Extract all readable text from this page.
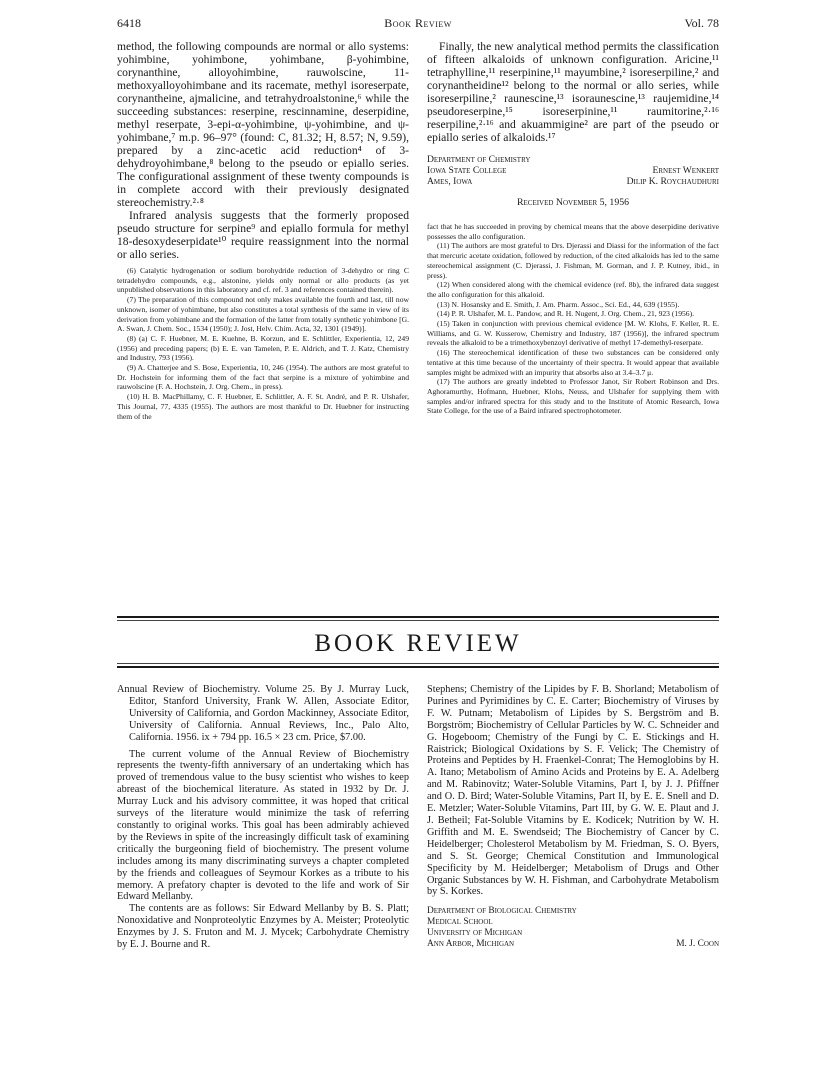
6418	Book Review	Vol. 78

method, the following compounds are normal or allo systems: yohimbine, yohimbone, yohimbane, β-yohimbine, corynanthine, alloyohimbine, rauwolscine, 11-methoxyalloyohimbane and its racemate, methyl isoreserpate, corynantheine, ajmalicine, and tetrahydroalstonine,⁶ while the succeeding substances: reserpine, rescinnamine, deserpidine, methyl reserpate, 3-epi-α-yohimbine, ψ-yohimbine, and ψ-yohimbane,⁷ m.p. 96–97° (found: C, 81.32; H, 8.57; N, 9.59), prepared by a zinc-acetic acid reduction⁴ of 3-dehydroyohimbane,⁸ belong to the pseudo or epiallo series. The configurational assignment of these twenty compounds is in complete accord with their previously designated stereochemistry.²·⁸

Infrared analysis suggests that the formerly proposed pseudo structure for serpine⁹ and epiallo formula for methyl 18-desoxydeserpidate¹⁰ require reassignment into the normal or allo series.

(6) Catalytic hydrogenation or sodium borohydride reduction of 3-dehydro or ring C tetradehydro compounds, e.g., alstonine, yields only normal or allo products (as yet unpublished observations in this laboratory and cf. ref. 3 and references contained therein).

(7) The preparation of this compound not only makes available the fourth and last, till now unknown, isomer of yohimbane, but also constitutes a total synthesis of the same in view of its derivation from yohimbane and the formation of the latter from totally synthetic yohimbone [G. A. Swan, J. Chem. Soc., 1534 (1950); J. Jost, Helv. Chim. Acta, 32, 1301 (1949)].

(8) (a) C. F. Huebner, M. E. Kuehne, B. Korzun, and E. Schlittler, Experientia, 12, 249 (1956) and preceding papers; (b) E. E. van Tamelen, P. E. Aldrich, and T. J. Katz, Chemistry and Industry, 793 (1956).

(9) A. Chatterjee and S. Bose, Experientia, 10, 246 (1954). The authors are most grateful to Dr. Hochstein for informing them of the fact that serpine is a mixture of yohimbine and rauwolscine (F. A. Hochstein, J. Org. Chem., in press).

(10) H. B. MacPhillamy, C. F. Huebner, E. Schlittler, A. F. St. André, and P. R. Ulshafer, This Journal, 77, 4335 (1955). The authors are most thankful to Dr. Huebner for instructing them of the

Finally, the new analytical method permits the classification of fifteen alkaloids of unknown configuration. Aricine,¹¹ tetraphylline,¹¹ reserpinine,¹¹ mayumbine,² isoreserpiline,² and corynantheidine¹² belong to the normal or allo series, while isoreserpiline,² raunescine,¹³ isoraunescine,¹³ raujemidine,¹⁴ pseudoreserpine,¹⁵ isoreserpinine,¹¹ raumitorine,²·¹⁶ reserpiline,²·¹⁶ and akuammigine² are part of the pseudo or epiallo series of alkaloids.¹⁷

Department of Chemistry
Iowa State College	Ernest Wenkert
Ames, Iowa	Dilip K. Roychaudhuri
Received November 5, 1956

fact that he has succeeded in proving by chemical means that the above deserpidine derivative possesses the allo configuration.

(11) The authors are most grateful to Drs. Djerassi and Diassi for the information of the fact that mercuric acetate oxidation, followed by reduction, of the cited alkaloids has led to the same stereochemical assignment (C. Djerassi, J. Fishman, M. Gorman, and J. P. Kutney, ibid., in press).

(12) When considered along with the chemical evidence (ref. 8b), the infrared data suggest the allo configuration for this alkaloid.

(13) N. Hosansky and E. Smith, J. Am. Pharm. Assoc., Sci. Ed., 44, 639 (1955).

(14) P. R. Ulshafer, M. L. Pandow, and R. H. Nugent, J. Org. Chem., 21, 923 (1956).

(15) Taken in conjunction with previous chemical evidence [M. W. Klohs, F. Keller, R. E. Williams, and G. W. Kusserow, Chemistry and Industry, 187 (1956)], the infrared spectrum reveals the alkaloid to be a trimethoxybenzoyl derivative of methyl 17-demethyl-reserpate.

(16) The stereochemical identification of these two substances can be considered only tentative at this time because of the uncertainty of their spectra. It would appear that available samples might be admixed with an impurity that absorbs also at 3.4–3.7 μ.

(17) The authors are greatly indebted to Professor Janot, Sir Robert Robinson and Drs. Aghoramurthy, Hofmann, Huebner, Klohs, Neuss, and Ulshafer for supplying them with samples and/or infrared spectra for this study and to the Institute of Atomic Research, Iowa State College, for the use of a Baird infrared spectrophotometer.

BOOK REVIEW

Annual Review of Biochemistry. Volume 25. By J. Murray Luck, Editor, Stanford University, Frank W. Allen, Associate Editor, University of California, and Gordon Mackinney, Associate Editor, University of California. Annual Reviews, Inc., Palo Alto, California. 1956. ix + 794 pp. 16.5 × 23 cm. Price, $7.00.

The current volume of the Annual Review of Biochemistry represents the twenty-fifth anniversary of an undertaking which has proved of tremendous value to the busy scientist who wishes to keep abreast of the biochemical literature. As stated in 1932 by Dr. J. Murray Luck and his advisory committee, it was hoped that critical surveys of the literature would minimize the task of referring constantly to original works. This goal has been admirably achieved by the Reviews in spite of the increasingly difficult task of examining critically the burgeoning field of biochemistry. The present volume includes among its many discriminating surveys a chapter completed by the friends and colleagues of Seymour Korkes as a tribute to his memory. A prefatory chapter is devoted to the life and work of Sir Edward Mellanby.

The contents are as follows: Sir Edward Mellanby by B. S. Platt; Nonoxidative and Nonproteolytic Enzymes by A. Meister; Proteolytic Enzymes by J. S. Fruton and M. J. Mycek; Carbohydrate Chemistry by E. J. Bourne and R.

Stephens; Chemistry of the Lipides by F. B. Shorland; Metabolism of Purines and Pyrimidines by C. E. Carter; Biochemistry of Viruses by F. W. Putnam; Metabolism of Lipides by S. Bergström and B. Borgström; Biochemistry of Cellular Particles by W. C. Schneider and G. Hogeboom; Chemistry of the Fungi by C. E. Stickings and H. Raistrick; Biological Oxidations by S. F. Velick; The Chemistry of Proteins and Peptides by H. Fraenkel-Conrat; The Hemoglobins by H. A. Itano; Metabolism of Amino Acids and Proteins by E. A. Adelberg and M. Rabinovitz; Water-Soluble Vitamins, Part I, by J. J. Pfiffner and O. D. Bird; Water-Soluble Vitamins, Part II, by E. E. Snell and D. E. Metzler; Water-Soluble Vitamins, Part III, by G. W. E. Plaut and J. J. Betheil; Fat-Soluble Vitamins by E. Kodicek; Nutrition by W. H. Griffith and M. E. Swendseid; The Biochemistry of Cancer by C. Heidelberger; Cholesterol Metabolism by M. Friedman, S. O. Byers, and S. St. George; Chemical Constitution and Immunological Specificity by M. Heidelberger; Metabolism of Drugs and Other Organic Substances by W. H. Fishman, and Carbohydrate Metabolism by S. Korkes.

Department of Biological Chemistry
Medical School
University of Michigan
Ann Arbor, Michigan	M. J. Coon
